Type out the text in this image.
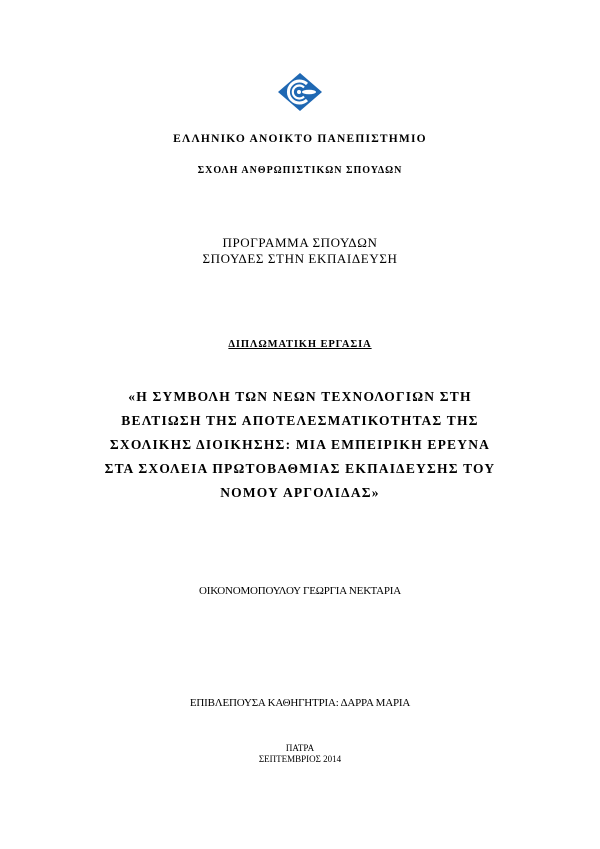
ΕΛΛΗΝΙΚΟ ΑΝΟΙΚΤΟ ΠΑΝΕΠΙΣΤΗΜΙΟ
ΣΧΟΛΗ ΑΝΘΡΩΠΙΣΤΙΚΩΝ ΣΠΟΥΔΩΝ
ΠΡΟΓΡΑΜΜΑ ΣΠΟΥΔΩΝ
ΣΠΟΥΔΕΣ ΣΤΗΝ ΕΚΠΑΙΔΕΥΣΗ
ΔΙΠΛΩΜΑΤΙΚΗ ΕΡΓΑΣΙΑ
«Η ΣΥΜΒΟΛΗ ΤΩΝ ΝΕΩΝ ΤΕΧΝΟΛΟΓΙΩΝ ΣΤΗ
ΒΕΛΤΙΩΣΗ ΤΗΣ ΑΠΟΤΕΛΕΣΜΑΤΙΚΟΤΗΤΑΣ ΤΗΣ
ΣΧΟΛΙΚΗΣ ΔΙΟΙΚΗΣΗΣ: ΜΙΑ ΕΜΠΕΙΡΙΚΗ ΕΡΕΥΝΑ
ΣΤΑ ΣΧΟΛΕΙΑ ΠΡΩΤΟΒΑΘΜΙΑΣ ΕΚΠΑΙΔΕΥΣΗΣ ΤΟΥ
ΝΟΜΟΥ ΑΡΓΟΛΙΔΑΣ»
ΟΙΚΟΝΟΜΟΠΟΥΛΟΥ ΓΕΩΡΓΙΑ ΝΕΚΤΑΡΙΑ
ΕΠΙΒΛΕΠΟΥΣΑ ΚΑΘΗΓΗΤΡΙΑ: ΔΑΡΡΑ ΜΑΡΙΑ
ΠΑΤΡΑ
ΣΕΠΤΕΜΒΡΙΟΣ 2014
